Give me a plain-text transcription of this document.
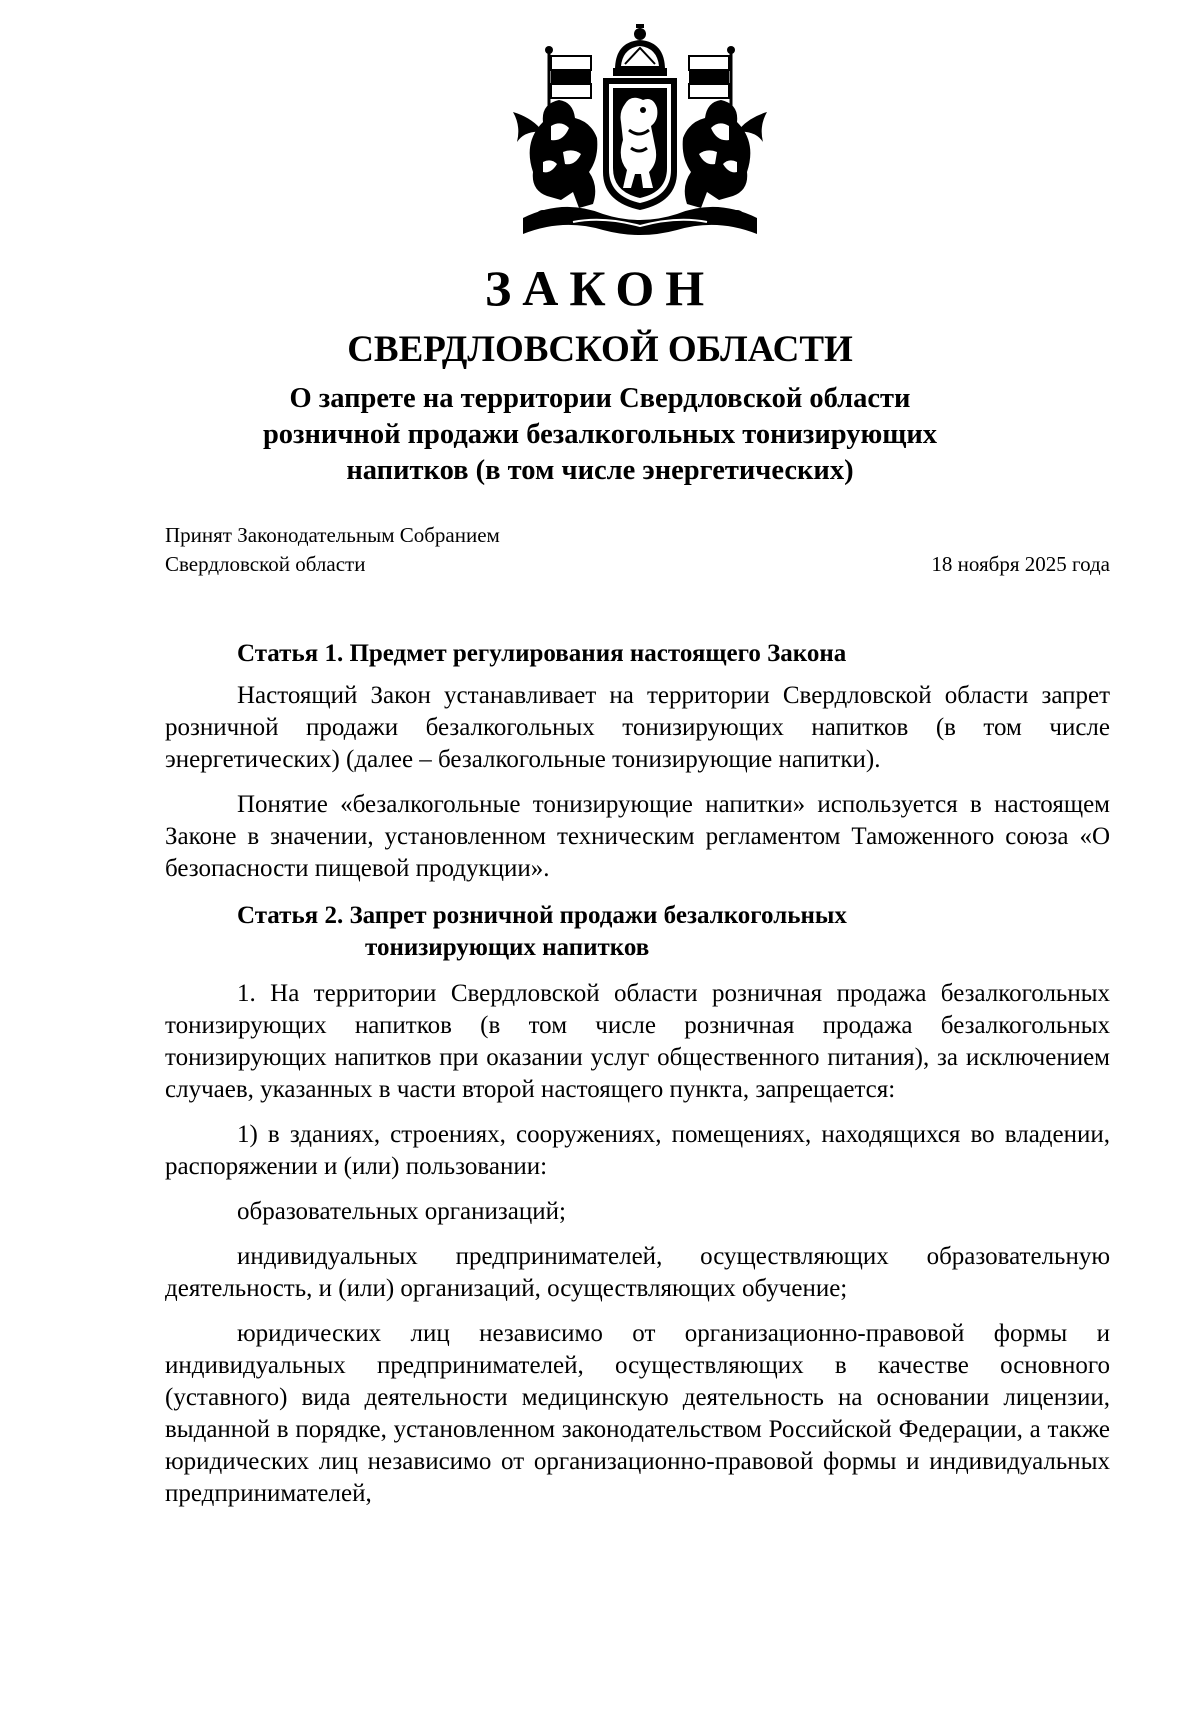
ЗАКОН
СВЕРДЛОВСКОЙ ОБЛАСТИ
О запрете на территории Свердловской области
розничной продажи безалкогольных тонизирующих
напитков (в том числе энергетических)
Принят Законодательным Собранием
Свердловской области	18 ноября 2025 года
Статья 1. Предмет регулирования настоящего Закона

Настоящий Закон устанавливает на территории Свердловской области запрет розничной продажи безалкогольных тонизирующих напитков (в том числе энергетических) (далее – безалкогольные тонизирующие напитки).

Понятие «безалкогольные тонизирующие напитки» используется в настоящем Законе в значении, установленном техническим регламентом Таможенного союза «О безопасности пищевой продукции».

Статья 2. Запрет розничной продажи безалкогольных
тонизирующих напитков

1. На территории Свердловской области розничная продажа безалкогольных тонизирующих напитков (в том числе розничная продажа безалкогольных тонизирующих напитков при оказании услуг общественного питания), за исключением случаев, указанных в части второй настоящего пункта, запрещается:

1) в зданиях, строениях, сооружениях, помещениях, находящихся во владении, распоряжении и (или) пользовании:

образовательных организаций;

индивидуальных предпринимателей, осуществляющих образовательную деятельность, и (или) организаций, осуществляющих обучение;

юридических лиц независимо от организационно-правовой формы и индивидуальных предпринимателей, осуществляющих в качестве основного (уставного) вида деятельности медицинскую деятельность на основании лицензии, выданной в порядке, установленном законодательством Российской Федерации, а также юридических лиц независимо от организационно-правовой формы и индивидуальных предпринимателей,
